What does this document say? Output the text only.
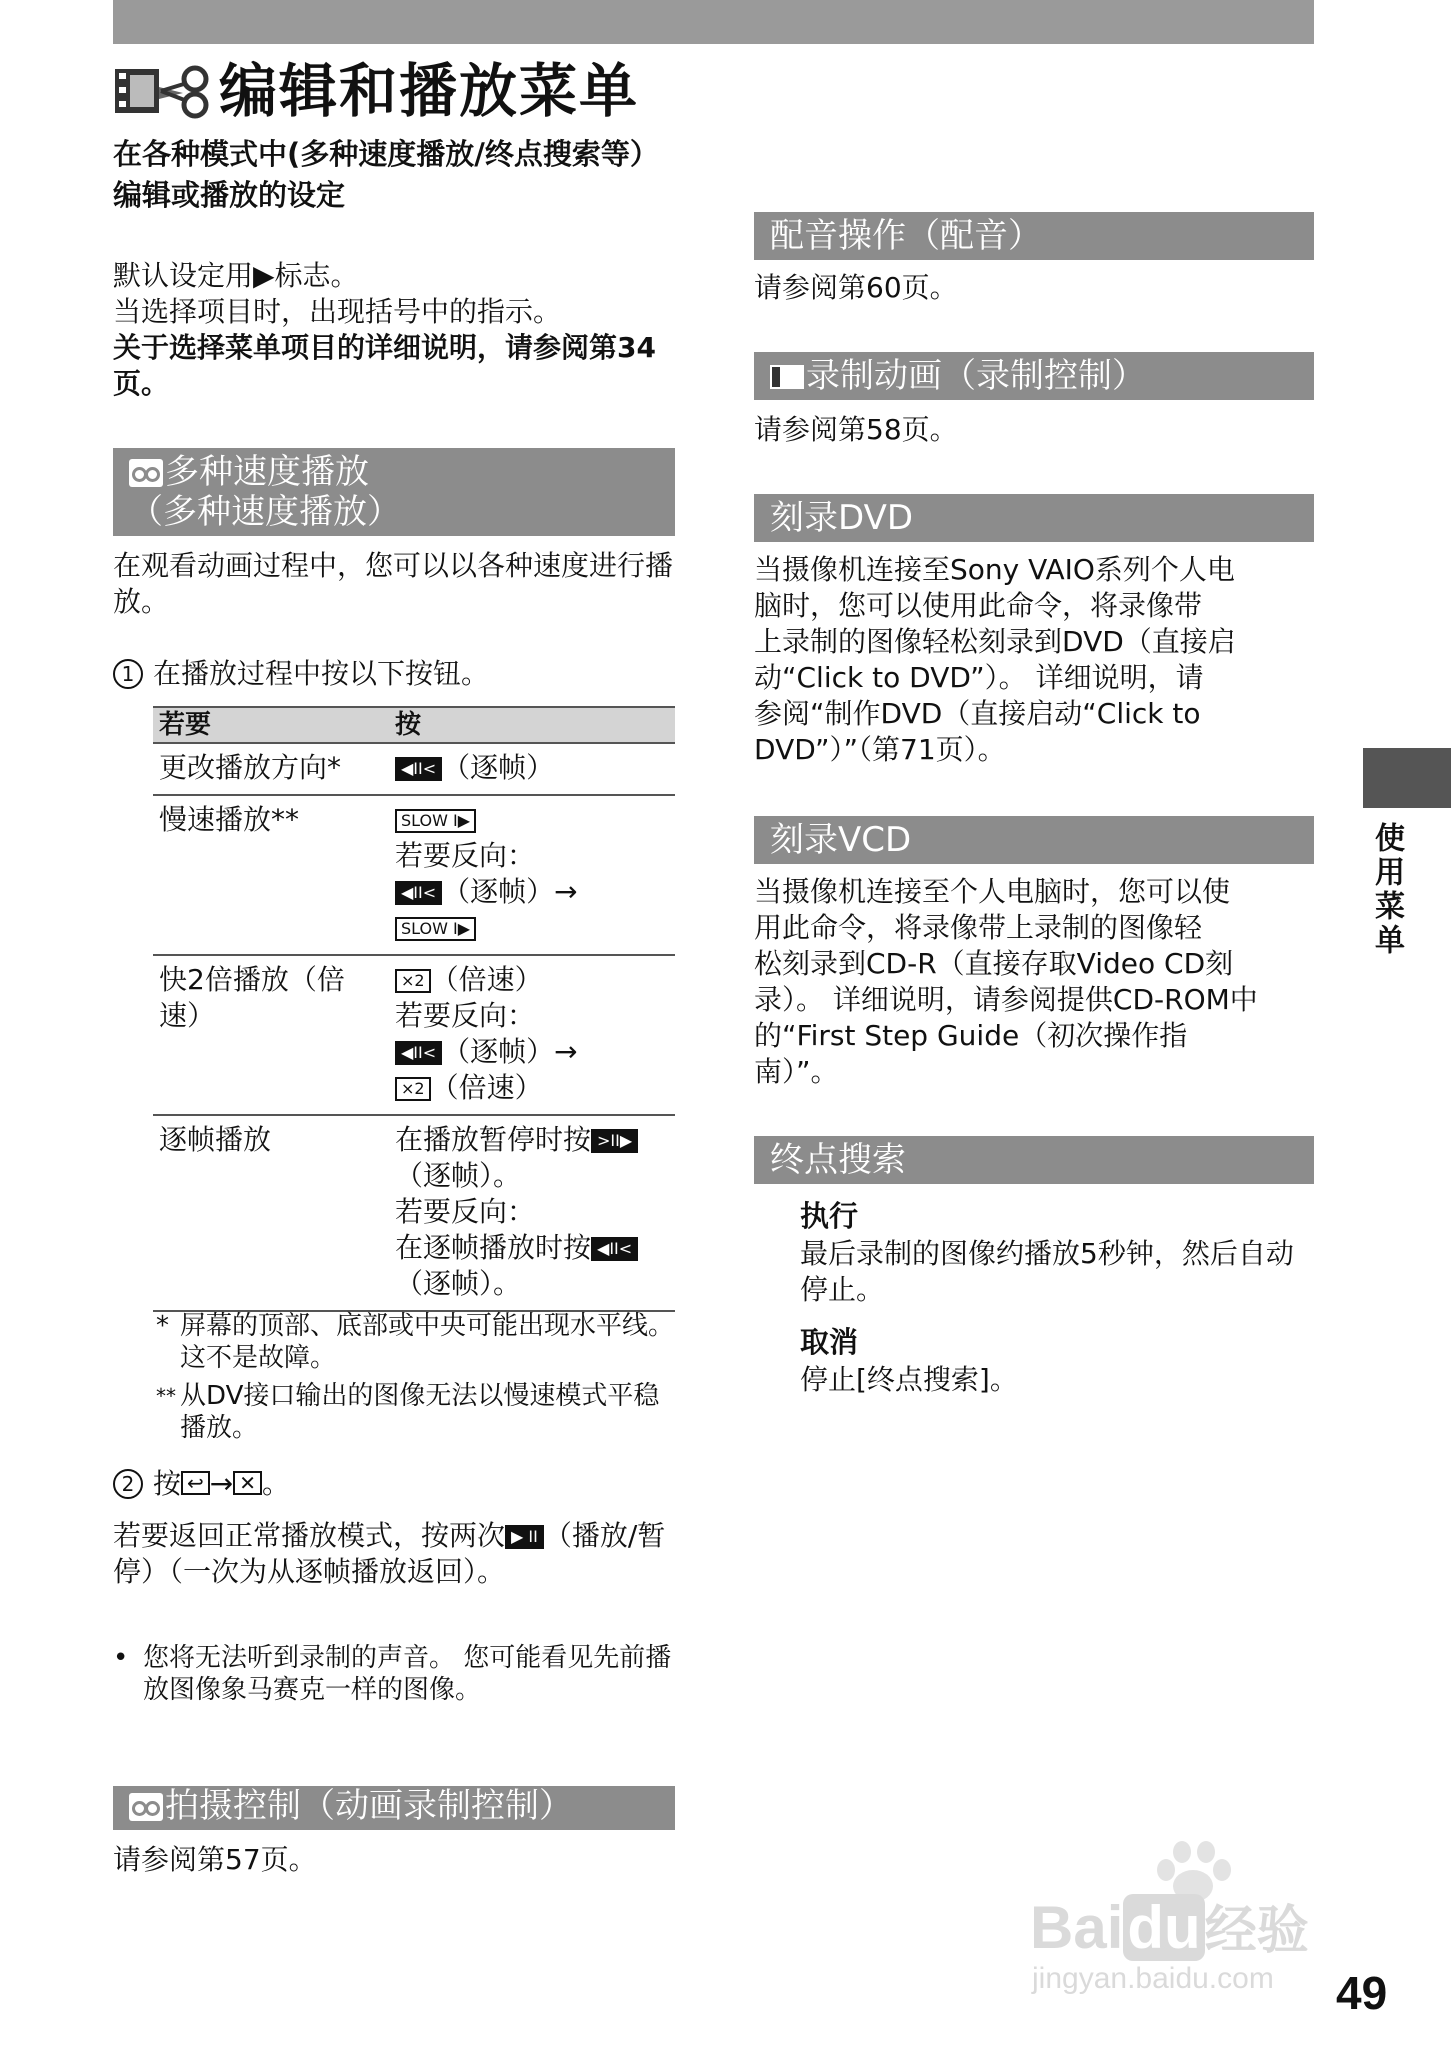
编辑和播放菜单
在各种模式中(多种速度播放/终点搜索等）编辑或播放的设定
默认设定用▶标志。
当选择项目时，出现括号中的指示。
关于选择菜单项目的详细说明，请参阅第34页。
多种速度播放
（多种速度播放）
在观看动画过程中，您可以以各种速度进行播放。
1 在播放过程中按以下按钮。
若要	按
更改播放方向*	◀II< （逐帧）
慢速播放**	SLOW I▶
若要反向：
◀II< （逐帧）→
SLOW I▶

快2倍播放（倍速）	×2 （倍速）
若要反向：
◀II< （逐帧）→
×2 （倍速）

逐帧播放	在播放暂停时按 >II▶
（逐帧）。
若要反向：
在逐帧播放时按 ◀II<
（逐帧）。
* 屏幕的顶部、底部或中央可能出现水平线。 这不是故障。
** 从DV接口输出的图像无法以慢速模式平稳播放。
2 按 ↩ → ✕ 。
若要返回正常播放模式，按两次 ▶ II （播放/暂停）（一次为从逐帧播放返回）。
• 您将无法听到录制的声音。 您可能看见先前播放图像象马赛克一样的图像。
拍摄控制（动画录制控制）
请参阅第57页。
配音操作（配音）
请参阅第60页。
录制动画（录制控制）
请参阅第58页。
刻录DVD
当摄像机连接至Sony VAIO系列个人电
脑时，您可以使用此命令，将录像带
上录制的图像轻松刻录到DVD（直接启
动“Click to DVD”）。 详细说明，请
参阅“制作DVD（直接启动“Click to
DVD”）”（第71页）。
刻录VCD
当摄像机连接至个人电脑时，您可以使
用此命令，将录像带上录制的图像轻
松刻录到CD-R（直接存取Video CD刻
录）。 详细说明，请参阅提供CD-ROM中
的“First Step Guide（初次操作指
南）”。
终点搜索
执行
最后录制的图像约播放5秒钟，然后自动停止。
取消
停止[终点搜索]。
使用菜单
Baidu经验
jingyan.baidu.com 49
